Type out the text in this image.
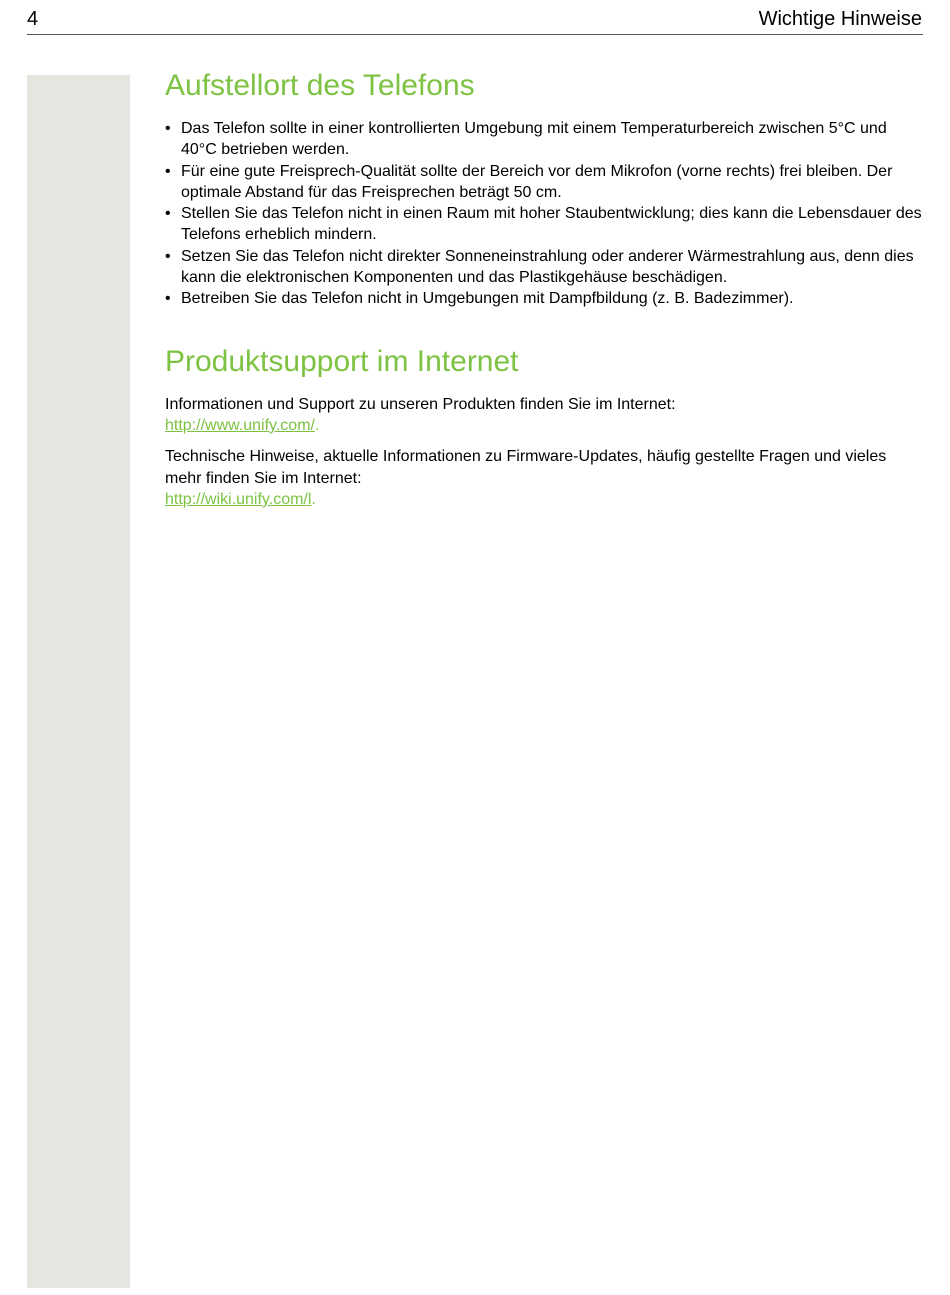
4	Wichtige Hinweise
Aufstellort des Telefons
• Das Telefon sollte in einer kontrollierten Umgebung mit einem Temperaturbereich zwischen 5°C und 40°C betrieben werden.
• Für eine gute Freisprech-Qualität sollte der Bereich vor dem Mikrofon (vorne rechts) frei bleiben. Der optimale Abstand für das Freisprechen beträgt 50 cm.
• Stellen Sie das Telefon nicht in einen Raum mit hoher Staubentwicklung; dies kann die Lebensdauer des Telefons erheblich mindern.
• Setzen Sie das Telefon nicht direkter Sonneneinstrahlung oder anderer Wärmestrahlung aus, denn dies kann die elektronischen Komponenten und das Plastikgehäuse beschädigen.
• Betreiben Sie das Telefon nicht in Umgebungen mit Dampfbildung (z. B. Badezimmer).
Produktsupport im Internet

Informationen und Support zu unseren Produkten finden Sie im Internet:
http://www.unify.com/.

Technische Hinweise, aktuelle Informationen zu Firmware-Updates, häufig gestellte Fragen und vieles mehr finden Sie im Internet:
http://wiki.unify.com/l.
